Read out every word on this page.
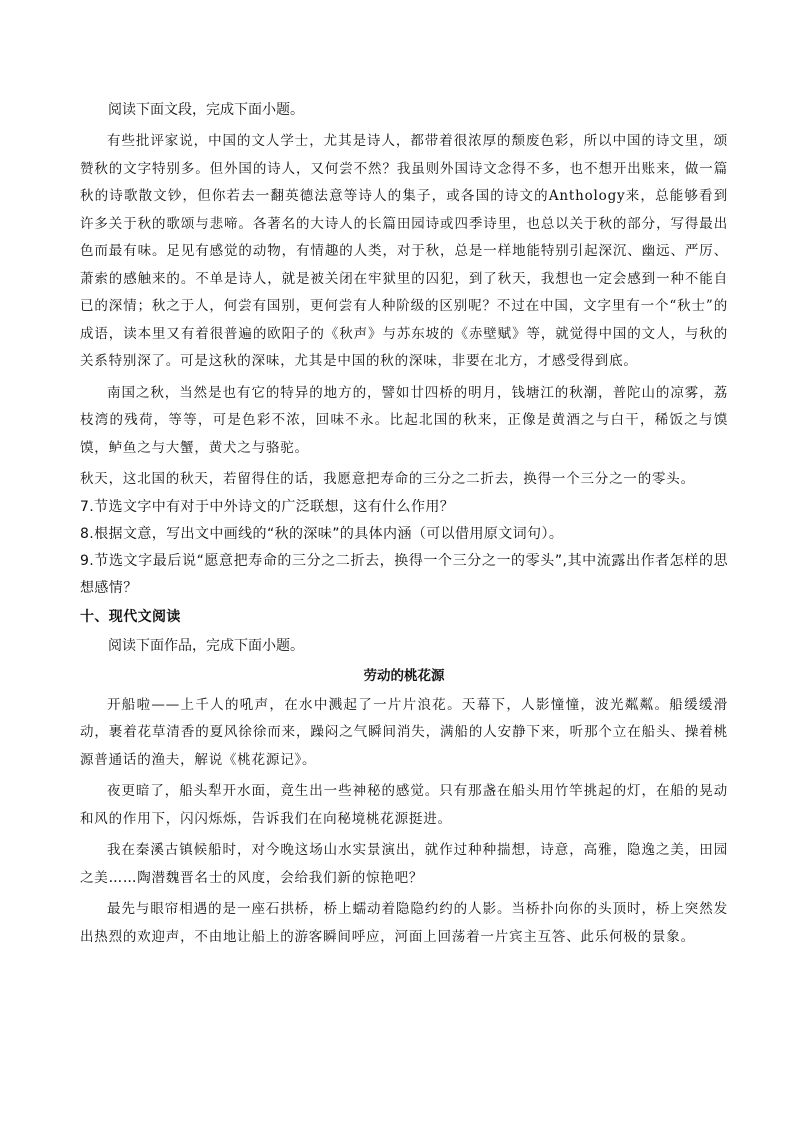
阅读下面文段，完成下面小题。

有些批评家说，中国的文人学士，尤其是诗人，都带着很浓厚的颓废色彩，所以中国的诗文里，颂赞秋的文字特别多。但外国的诗人，又何尝不然？我虽则外国诗文念得不多，也不想开出账来，做一篇秋的诗歌散文钞，但你若去一翻英德法意等诗人的集子，或各国的诗文的Anthology来，总能够看到许多关于秋的歌颂与悲啼。各著名的大诗人的长篇田园诗或四季诗里，也总以关于秋的部分，写得最出色而最有味。足见有感觉的动物，有情趣的人类，对于秋，总是一样地能特别引起深沉、幽远、严厉、萧索的感触来的。不单是诗人，就是被关闭在牢狱里的囚犯，到了秋天，我想也一定会感到一种不能自已的深情；秋之于人，何尝有国别，更何尝有人种阶级的区别呢？不过在中国，文字里有一个“秋士”的成语，读本里又有着很普遍的欧阳子的《秋声》与苏东坡的《赤壁赋》等，就觉得中国的文人，与秋的关系特别深了。可是这秋的深味，尤其是中国的秋的深味，非要在北方，才感受得到底。

南国之秋，当然是也有它的特异的地方的，譬如廿四桥的明月，钱塘江的秋潮，普陀山的凉雾，荔枝湾的残荷，等等，可是色彩不浓，回味不永。比起北国的秋来，正像是黄酒之与白干，稀饭之与馍馍，鲈鱼之与大蟹，黄犬之与骆驼。

秋天，这北国的秋天，若留得住的话，我愿意把寿命的三分之二折去，换得一个三分之一的零头。

7.节选文字中有对于中外诗文的广泛联想，这有什么作用？

8.根据文意，写出文中画线的“秋的深味”的具体内涵（可以借用原文词句）。

9.节选文字最后说“愿意把寿命的三分之二折去，换得一个三分之一的零头”,其中流露出作者怎样的思想感情？

十、现代文阅读

阅读下面作品，完成下面小题。

劳动的桃花源

开船啦——上千人的吼声，在水中溅起了一片片浪花。天幕下，人影憧憧，波光粼粼。船缓缓滑动，裹着花草清香的夏风徐徐而来，躁闷之气瞬间消失，满船的人安静下来，听那个立在船头、操着桃源普通话的渔夫，解说《桃花源记》。

夜更暗了，船头犁开水面，竟生出一些神秘的感觉。只有那盏在船头用竹竿挑起的灯，在船的晃动和风的作用下，闪闪烁烁，告诉我们在向秘境桃花源挺进。

我在秦溪古镇候船时，对今晚这场山水实景演出，就作过种种揣想，诗意，高雅，隐逸之美，田园之美……陶潜魏晋名士的风度，会给我们新的惊艳吧？

最先与眼帘相遇的是一座石拱桥，桥上蠕动着隐隐约约的人影。当桥扑向你的头顶时，桥上突然发出热烈的欢迎声，不由地让船上的游客瞬间呼应，河面上回荡着一片宾主互答、此乐何极的景象。
